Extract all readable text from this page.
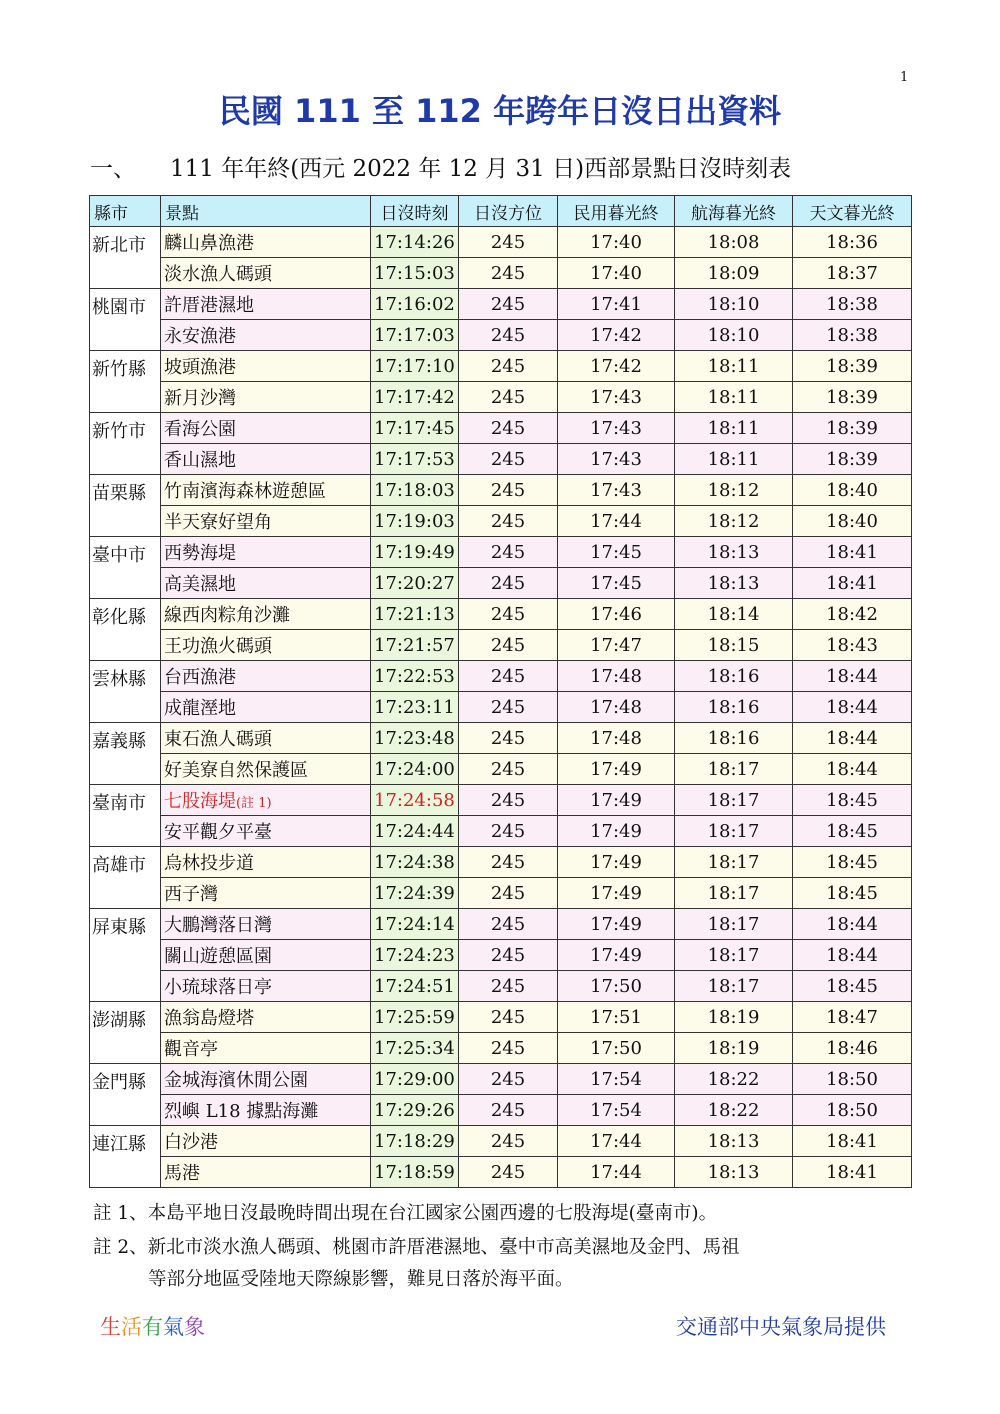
1
民國 111 至 112 年跨年日沒日出資料
一、 111 年年終(西元 2022 年 12 月 31 日)西部景點日沒時刻表
縣市	景點	日沒時刻	日沒方位	民用暮光終	航海暮光終	天文暮光終
新北市	麟山鼻漁港	17:14:26	245	17:40	18:08	18:36
	淡水漁人碼頭	17:15:03	245	17:40	18:09	18:37
桃園市	許厝港濕地	17:16:02	245	17:41	18:10	18:38
	永安漁港	17:17:03	245	17:42	18:10	18:38
新竹縣	坡頭漁港	17:17:10	245	17:42	18:11	18:39
	新月沙灣	17:17:42	245	17:43	18:11	18:39
新竹市	看海公園	17:17:45	245	17:43	18:11	18:39
	香山濕地	17:17:53	245	17:43	18:11	18:39
苗栗縣	竹南濱海森林遊憩區	17:18:03	245	17:43	18:12	18:40
	半天寮好望角	17:19:03	245	17:44	18:12	18:40
臺中市	西勢海堤	17:19:49	245	17:45	18:13	18:41
	高美濕地	17:20:27	245	17:45	18:13	18:41
彰化縣	線西肉粽角沙灘	17:21:13	245	17:46	18:14	18:42
	王功漁火碼頭	17:21:57	245	17:47	18:15	18:43
雲林縣	台西漁港	17:22:53	245	17:48	18:16	18:44
	成龍溼地	17:23:11	245	17:48	18:16	18:44
嘉義縣	東石漁人碼頭	17:23:48	245	17:48	18:16	18:44
	好美寮自然保護區	17:24:00	245	17:49	18:17	18:44
臺南市	七股海堤(註 1)	17:24:58	245	17:49	18:17	18:45
	安平觀夕平臺	17:24:44	245	17:49	18:17	18:45
高雄市	烏林投步道	17:24:38	245	17:49	18:17	18:45
	西子灣	17:24:39	245	17:49	18:17	18:45
屏東縣	大鵬灣落日灣	17:24:14	245	17:49	18:17	18:44
	關山遊憩區園	17:24:23	245	17:49	18:17	18:44
	小琉球落日亭	17:24:51	245	17:50	18:17	18:45
澎湖縣	漁翁島燈塔	17:25:59	245	17:51	18:19	18:47
	觀音亭	17:25:34	245	17:50	18:19	18:46
金門縣	金城海濱休閒公園	17:29:00	245	17:54	18:22	18:50
	烈嶼 L18 據點海灘	17:29:26	245	17:54	18:22	18:50
連江縣	白沙港	17:18:29	245	17:44	18:13	18:41
	馬港	17:18:59	245	17:44	18:13	18:41
註 1、本島平地日沒最晚時間出現在台江國家公園西邊的七股海堤(臺南市)。
註 2、新北市淡水漁人碼頭、桃園市許厝港濕地、臺中市高美濕地及金門、馬祖
等部分地區受陸地天際線影響，難見日落於海平面。
生活有氣象	交通部中央氣象局提供
